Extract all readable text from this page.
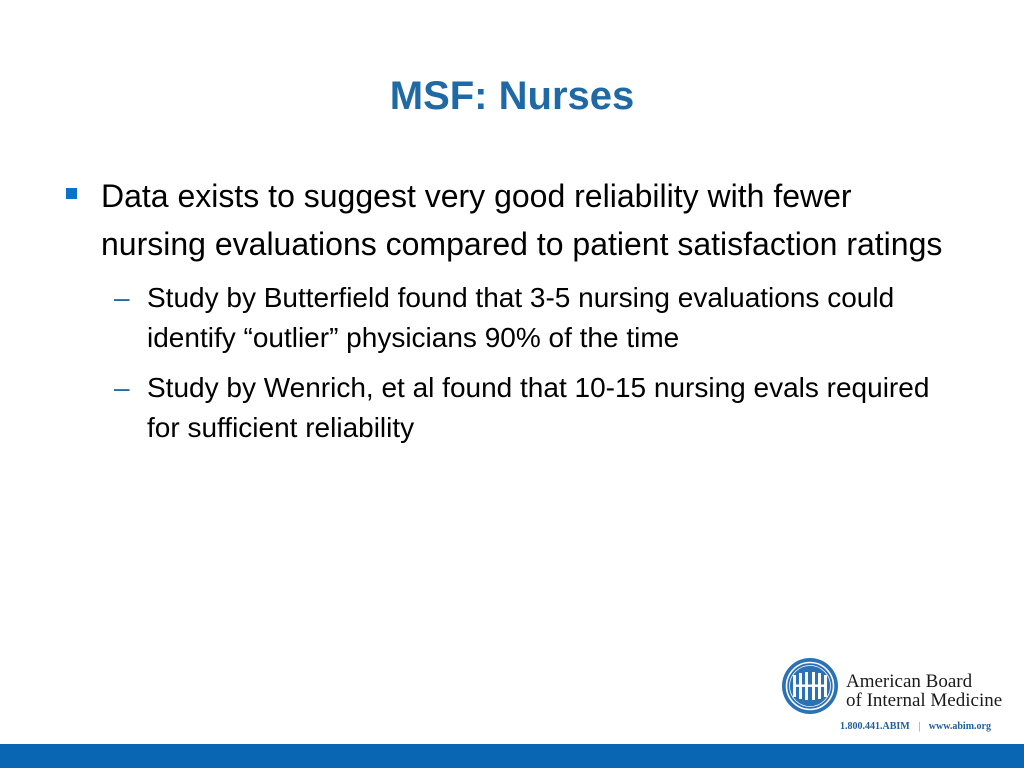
MSF: Nurses
Data exists to suggest very good reliability with fewer nursing evaluations compared to patient satisfaction ratings
– Study by Butterfield found that 3-5 nursing evaluations could identify “outlier” physicians 90% of the time
– Study by Wenrich, et al found that 10-15 nursing evals required for sufficient reliability
American Board
of Internal Medicine
1.800.441.ABIM | www.abim.org
